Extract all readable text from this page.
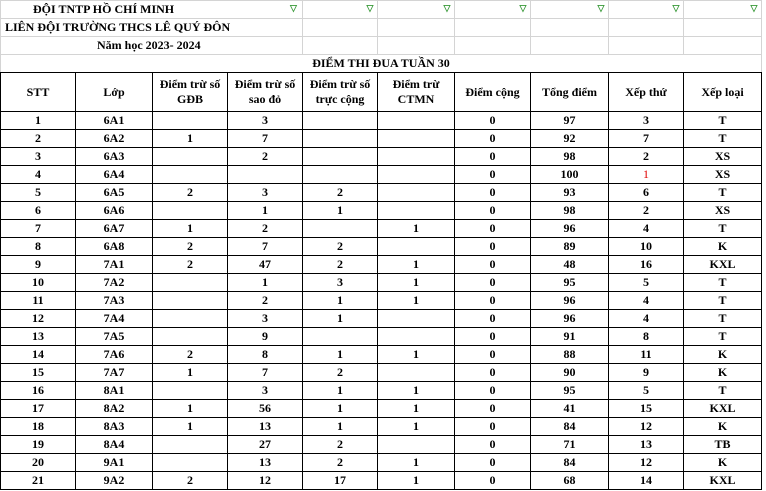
ĐỘI TNTP HỒ CHÍ MINH ▽				▽	▽	▽	▽	▽	▽

LIÊN ĐỘI TRƯỜNG THCS LÊ QUÝ ĐÔN									
Năm học 2023- 2024									
ĐIỂM THI ĐUA TUẦN 30									
STT	Lớp	Điểm trừ số GĐB	Điểm trừ số sao đỏ	Điểm trừ số trực cộng	Điểm trừ CTMN	Điểm cộng	Tổng điểm	Xếp thứ	Xếp loại
1	6A1		3			0	97	3	T
2	6A2	1	7			0	92	7	T
3	6A3		2			0	98	2	XS
4	6A4					0	100	1	XS
5	6A5	2	3	2		0	93	6	T
6	6A6		1	1		0	98	2	XS
7	6A7	1	2		1	0	96	4	T
8	6A8	2	7	2		0	89	10	K
9	7A1	2	47	2	1	0	48	16	KXL
10	7A2		1	3	1	0	95	5	T
11	7A3		2	1	1	0	96	4	T
12	7A4		3	1		0	96	4	T
13	7A5		9			0	91	8	T
14	7A6	2	8	1	1	0	88	11	K
15	7A7	1	7	2		0	90	9	K
16	8A1		3	1	1	0	95	5	T
17	8A2	1	56	1	1	0	41	15	KXL
18	8A3	1	13	1	1	0	84	12	K
19	8A4		27	2		0	71	13	TB
20	9A1		13	2	1	0	84	12	K
21	9A2	2	12	17	1	0	68	14	KXL
